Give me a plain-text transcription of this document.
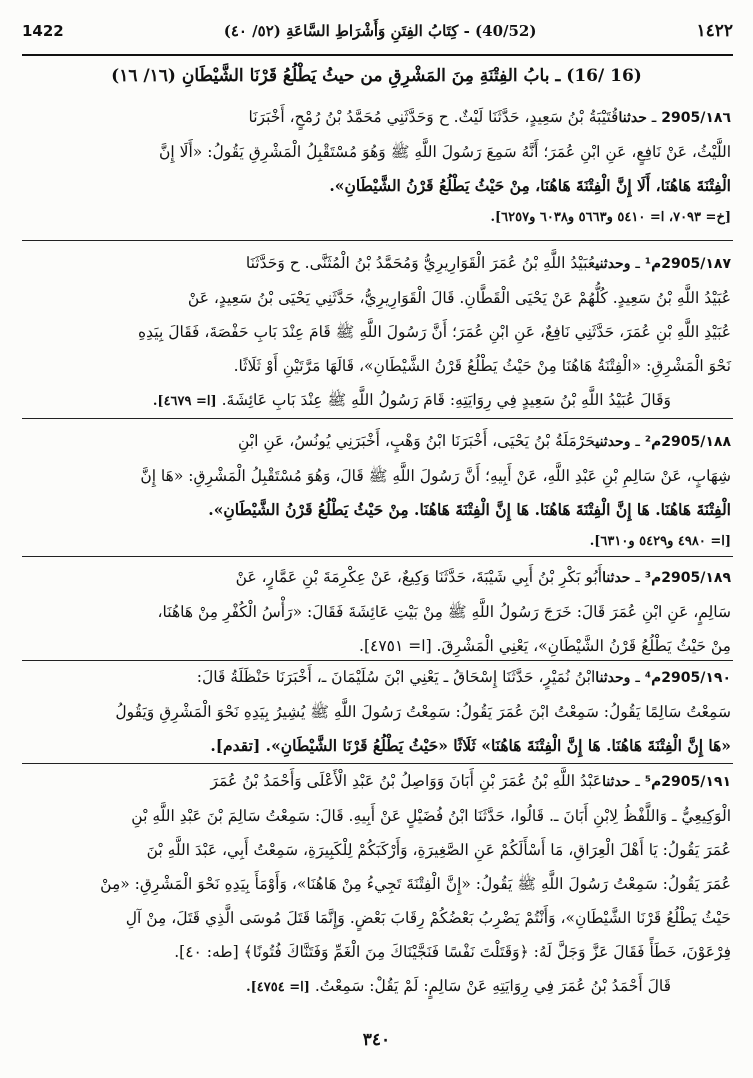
1422	(40/52) - كِتَابُ الفِتَنِ وَأَشْرَاطِ السَّاعَةِ (٥٢/ ٤٠)	١٤٢٢
(16 /16) ـ بابُ الفِتْنَةِ مِنَ المَشْرِقِ من حيثُ يَطْلُعُ قَرْنَا الشَّيْطَانِ (١٦/ ١٦)

١٨٦/2905 ـ حدثناقُتَيْبَةُ بْنُ سَعِيدٍ، حَدَّثَنَا لَيْثٌ. ح وَحَدَّثَنِي مُحَمَّدُ بْنُ رُمْحٍ، أَخْبَرَنَا

اللَّيْثُ، عَنْ نَافِعٍ، عَنِ ابْنِ عُمَرَ؛ أَنَّهُ سَمِعَ رَسُولَ اللَّهِ ﷺ وَهُوَ مُسْتَقْبِلُ الْمَشْرِقِ يَقُولُ: «أَلَا إِنَّ

الْفِتْنَةَ هَاهُنَا، أَلَا إِنَّ الْفِتْنَةَ هَاهُنَا، مِنْ حَيْثُ يَطْلُعُ قَرْنُ الشَّيْطَانِ».

[خ= ٧٠٩٣، ا= ٥٤١٠ و٥٦٦٣ و٦٠٣٨ و٦٢٥٧].

١٨٧/2905م¹ ـ وحدثنيعُبَيْدُ اللَّهِ بْنُ عُمَرَ الْقَوَارِيرِيُّ وَمُحَمَّدُ بْنُ الْمُثَنَّى. ح وَحَدَّثَنَا

عُبَيْدُ اللَّهِ بْنُ سَعِيدٍ. كُلُّهُمْ عَنْ يَحْيَى الْقَطَّانِ. قَالَ الْقَوَارِيرِيُّ، حَدَّثَنِي يَحْيَى بْنُ سَعِيدٍ، عَنْ

عُبَيْدِ اللَّهِ بْنِ عُمَرَ، حَدَّثَنِي نَافِعٌ، عَنِ ابْنِ عُمَرَ؛ أَنَّ رَسُولَ اللَّهِ ﷺ قَامَ عِنْدَ بَابِ حَفْصَةَ، فَقَالَ بِيَدِهِ

نَحْوَ الْمَشْرِقِ: «الْفِتْنَةُ هَاهُنَا مِنْ حَيْثُ يَطْلُعُ قَرْنُ الشَّيْطَانِ»، قَالَهَا مَرَّتَيْنِ أَوْ ثَلَاثًا.

وَقَالَ عُبَيْدُ اللَّهِ بْنُ سَعِيدٍ فِي رِوَايَتِهِ: قَامَ رَسُولُ اللَّهِ ﷺ عِنْدَ بَابِ عَائِشَةَ. [ا= ٤٦٧٩].

١٨٨/2905م² ـ وحدثنيحَرْمَلَةُ بْنُ يَحْيَى، أَخْبَرَنَا ابْنُ وَهْبٍ، أَخْبَرَنِي يُونُسُ، عَنِ ابْنِ

شِهَابٍ، عَنْ سَالِمِ بْنِ عَبْدِ اللَّهِ، عَنْ أَبِيهِ؛ أَنَّ رَسُولَ اللَّهِ ﷺ قَالَ، وَهُوَ مُسْتَقْبِلُ الْمَشْرِقِ: «هَا إِنَّ

الْفِتْنَةَ هَاهُنَا. هَا إِنَّ الْفِتْنَةَ هَاهُنَا. هَا إِنَّ الْفِتْنَةَ هَاهُنَا. مِنْ حَيْثُ يَطْلُعُ قَرْنُ الشَّيْطَانِ».

[ا= ٤٩٨٠ و٥٤٢٩ و٦٣١٠].

١٨٩/2905م³ ـ حدثناأَبُو بَكْرِ بْنُ أَبِي شَيْبَةَ، حَدَّثَنَا وَكِيعٌ، عَنْ عِكْرِمَةَ بْنِ عَمَّارٍ، عَنْ

سَالِمٍ، عَنِ ابْنِ عُمَرَ قَالَ: خَرَجَ رَسُولُ اللَّهِ ﷺ مِنْ بَيْتِ عَائِشَةَ فَقَالَ: «رَأْسُ الْكُفْرِ مِنْ هَاهُنَا،

مِنْ حَيْثُ يَطْلُعُ قَرْنُ الشَّيْطَانِ»، يَعْنِي الْمَشْرِقَ. [ا= ٤٧٥١].

١٩٠/2905م⁴ ـ وحدثناابْنُ نُمَيْرٍ، حَدَّثَنَا إِسْحَاقُ ـ يَعْنِي ابْنَ سُلَيْمَانَ ـ، أَخْبَرَنَا حَنْظَلَةُ قَالَ:

سَمِعْتُ سَالِمًا يَقُولُ: سَمِعْتُ ابْنَ عُمَرَ يَقُولُ: سَمِعْتُ رَسُولَ اللَّهِ ﷺ يُشِيرُ بِيَدِهِ نَحْوَ الْمَشْرِقِ وَيَقُولُ

«هَا إِنَّ الْفِتْنَةَ هَاهُنَا. هَا إِنَّ الْفِتْنَةَ هَاهُنَا» ثَلَاثًا «حَيْثُ يَطْلُعُ قَرْنَا الشَّيْطَانِ». [تقدم].

١٩١/2905م⁵ ـ حدثناعَبْدُ اللَّهِ بْنُ عُمَرَ بْنِ أَبَانَ وَوَاصِلُ بْنُ عَبْدِ الْأَعْلَى وَأَحْمَدُ بْنُ عُمَرَ

الْوَكِيعِيُّ ـ وَاللَّفْظُ لِابْنِ أَبَانَ ـ. قَالُوا، حَدَّثَنَا ابْنُ فُضَيْلٍ عَنْ أَبِيهِ. قَالَ: سَمِعْتُ سَالِمَ بْنَ عَبْدِ اللَّهِ بْنِ

عُمَرَ يَقُولُ: يَا أَهْلَ الْعِرَاقِ، مَا أَسْأَلَكُمْ عَنِ الصَّغِيرَةِ، وَأَرْكَبَكُمْ لِلْكَبِيرَةِ، سَمِعْتُ أَبِي، عَبْدَ اللَّهِ بْنَ

عُمَرَ يَقُولُ: سَمِعْتُ رَسُولَ اللَّهِ ﷺ يَقُولُ: «إِنَّ الْفِتْنَةَ تَجِيءُ مِنْ هَاهُنَا»، وَأَوْمَأَ بِيَدِهِ نَحْوَ الْمَشْرِقِ: «مِنْ

حَيْثُ يَطْلُعُ قَرْنَا الشَّيْطَانِ»، وَأَنْتُمْ يَضْرِبُ بَعْضُكُمْ رِقَابَ بَعْضٍ. وَإِنَّمَا قَتَلَ مُوسَى الَّذِي قَتَلَ، مِنْ آلِ

فِرْعَوْنَ، خَطَأً فَقَالَ عَزَّ وَجَلَّ لَهُ: ﴿وَقَتَلْتَ نَفْسًا فَنَجَّيْنَاكَ مِنَ الْغَمِّ وَفَتَنَّاكَ فُتُونًا﴾ [طه: ٤٠].

قَالَ أَحْمَدُ بْنُ عُمَرَ فِي رِوَايَتِهِ عَنْ سَالِمٍ: لَمْ يَقُلْ: سَمِعْتُ. [ا= ٤٧٥٤].

٣٤٠
